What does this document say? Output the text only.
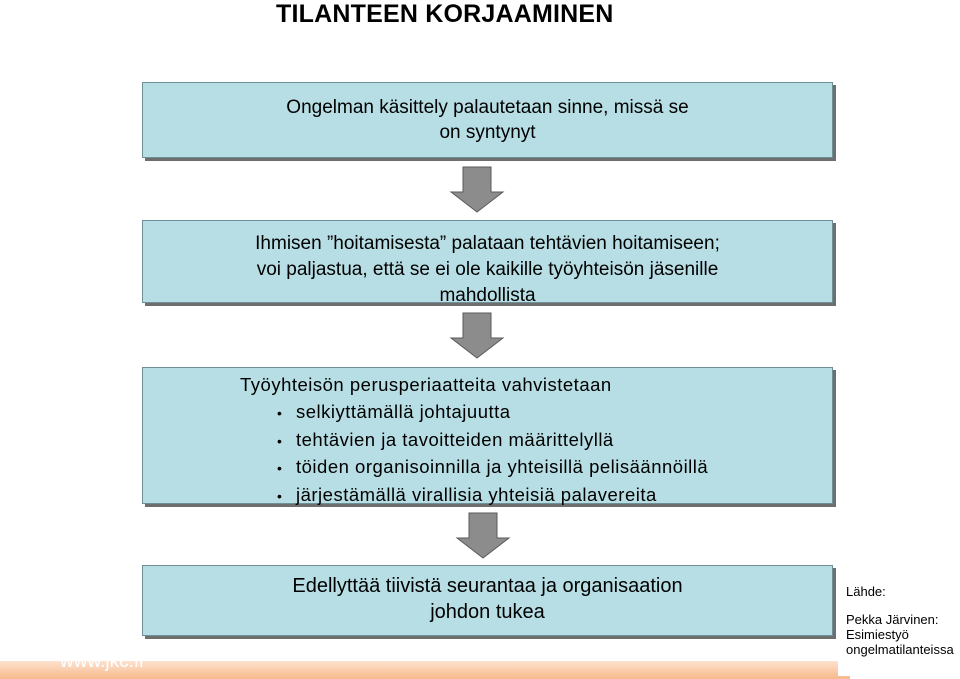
TILANTEEN KORJAAMINEN
Ongelman käsittely palautetaan sinne, missä se
on syntynyt
Ihmisen ”hoitamisesta” palataan tehtävien hoitamiseen;
voi paljastua, että se ei ole kaikille työyhteisön jäsenille
mahdollista
Työyhteisön perusperiaatteita vahvistetaan
• selkiyttämällä johtajuutta
• tehtävien ja tavoitteiden määrittelyllä
• töiden organisoinnilla ja yhteisillä pelisäännöillä
• järjestämällä virallisia yhteisiä palavereita
Edellyttää tiivistä seurantaa ja organisaation
johdon tukea
www.jkc.fi
Lähde:
Pekka Järvinen:
Esimiestyö
ongelmatilanteissa
